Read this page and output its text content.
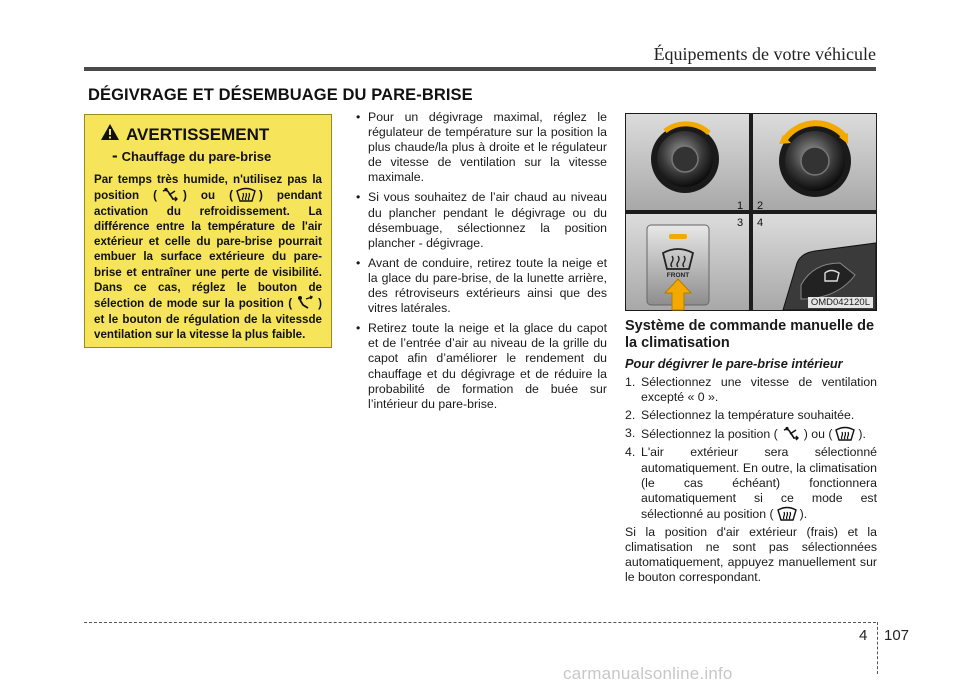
Équipements de votre véhicule
DÉGIVRAGE ET DÉSEMBUAGE DU PARE-BRISE
AVERTISSEMENT
- Chauffage du pare-brise
Par temps très humide, n'utilisez pas la position ( ) ou ( ) pendant activation du refroidissement. La différence entre la température de l'air extérieur et celle du pare-brise pourrait embuer la surface extérieure du pare-brise et entraîner une perte de visibilité. Dans ce cas, réglez le bouton de sélection de mode sur la position ( ) et le bouton de régulation de la vitessde ventilation sur la vitesse la plus faible.
• Pour un dégivrage maximal, réglez le régulateur de température sur la position la plus chaude/la plus à droite et le régulateur de vitesse de ventilation sur la vitesse maximale.
• Si vous souhaitez de l’air chaud au niveau du plancher pendant le dégivrage ou du désembuage, sélectionnez la position plancher - dégivrage.
• Avant de conduire, retirez toute la neige et la glace du pare-brise, de la lunette arrière, des rétroviseurs extérieurs ainsi que des vitres latérales.
• Retirez toute la neige et la glace du capot et de l’entrée d’air au niveau de la grille du capot afin d’améliorer le rendement du chauffage et du dégivrage et de réduire la probabilité de formation de buée sur l’intérieur du pare-brise.
1 2
3 4
FRONT
OMD042120L
Système de commande manuelle de la climatisation
Pour dégivrer le pare-brise intérieur
1. Sélectionnez une vitesse de ventilation excepté « 0 ».
2. Sélectionnez la température souhaitée.
3. Sélectionnez la position ( ) ou ( ).
4. L'air extérieur sera sélectionné automatiquement. En outre, la climatisation (le cas échéant) fonctionnera automatiquement si ce mode est sélectionné au position ( ).
Si la position d'air extérieur (frais) et la climatisation ne sont pas sélectionnées automatiquement, appuyez manuellement sur le bouton correspondant.
4 107
carmanualsonline.info
